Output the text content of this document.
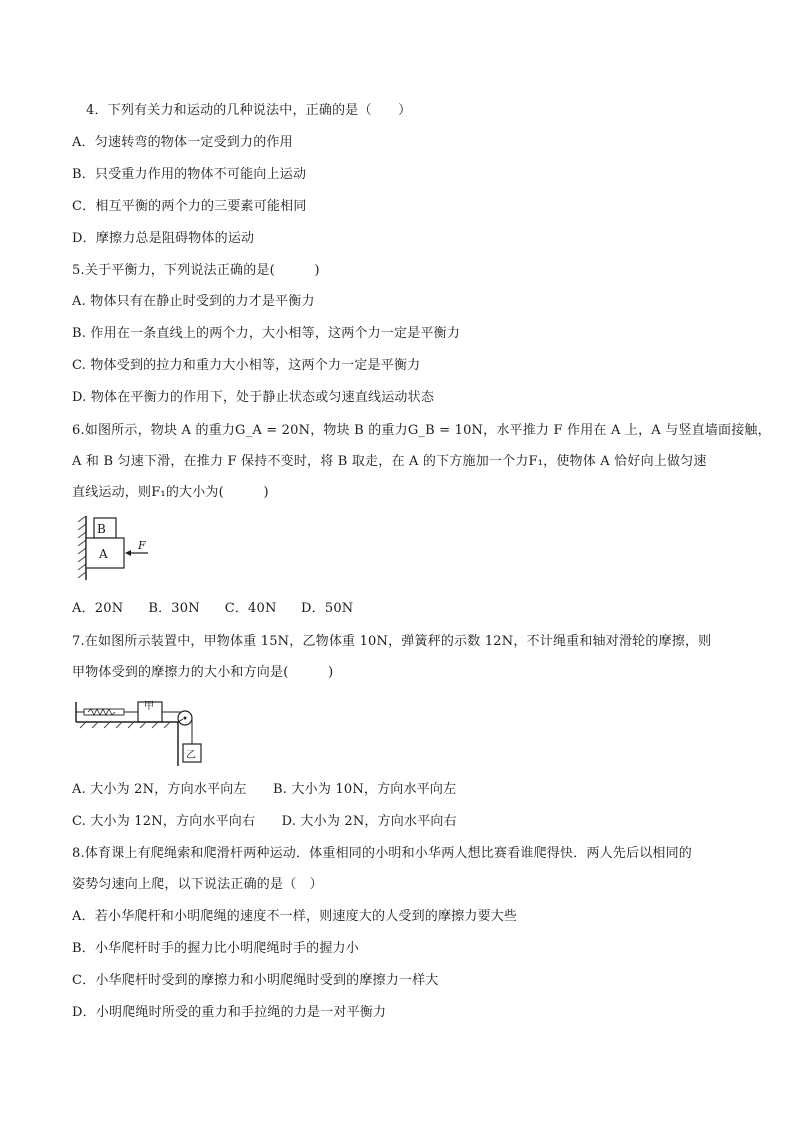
4．下列有关力和运动的几种说法中，正确的是（　　）
A．匀速转弯的物体一定受到力的作用
B．只受重力作用的物体不可能向上运动
C．相互平衡的两个力的三要素可能相同
D．摩擦力总是阻碍物体的运动
5.关于平衡力，下列说法正确的是(　　　)
A. 物体只有在静止时受到的力才是平衡力
B. 作用在一条直线上的两个力，大小相等，这两个力一定是平衡力
C. 物体受到的拉力和重力大小相等，这两个力一定是平衡力
D. 物体在平衡力的作用下，处于静止状态或匀速直线运动状态
6.如图所示，物块 A 的重力G_A = 20N，物块 B 的重力G_B = 10N，水平推力 F 作用在 A 上，A 与竖直墙面接触，
A 和 B 匀速下滑，在推力 F 保持不变时，将 B 取走，在 A 的下方施加一个力F₁，使物体 A 恰好向上做匀速
直线运动，则F₁的大小为(　　　)
B
A
F
A．20N B．30N C．40N D．50N
7.在如图所示装置中，甲物体重 15N，乙物体重 10N，弹簧秤的示数 12N，不计绳重和轴对滑轮的摩擦，则
甲物体受到的摩擦力的大小和方向是(　　　)
甲
乙
A. 大小为 2N，方向水平向左　　B. 大小为 10N，方向水平向左
C. 大小为 12N，方向水平向右　　D. 大小为 2N，方向水平向右
8.体育课上有爬绳索和爬滑杆两种运动．体重相同的小明和小华两人想比赛看谁爬得快．两人先后以相同的
姿势匀速向上爬，以下说法正确的是（　）
A．若小华爬杆和小明爬绳的速度不一样，则速度大的人受到的摩擦力要大些
B．小华爬杆时手的握力比小明爬绳时手的握力小
C．小华爬杆时受到的摩擦力和小明爬绳时受到的摩擦力一样大
D．小明爬绳时所受的重力和手拉绳的力是一对平衡力
